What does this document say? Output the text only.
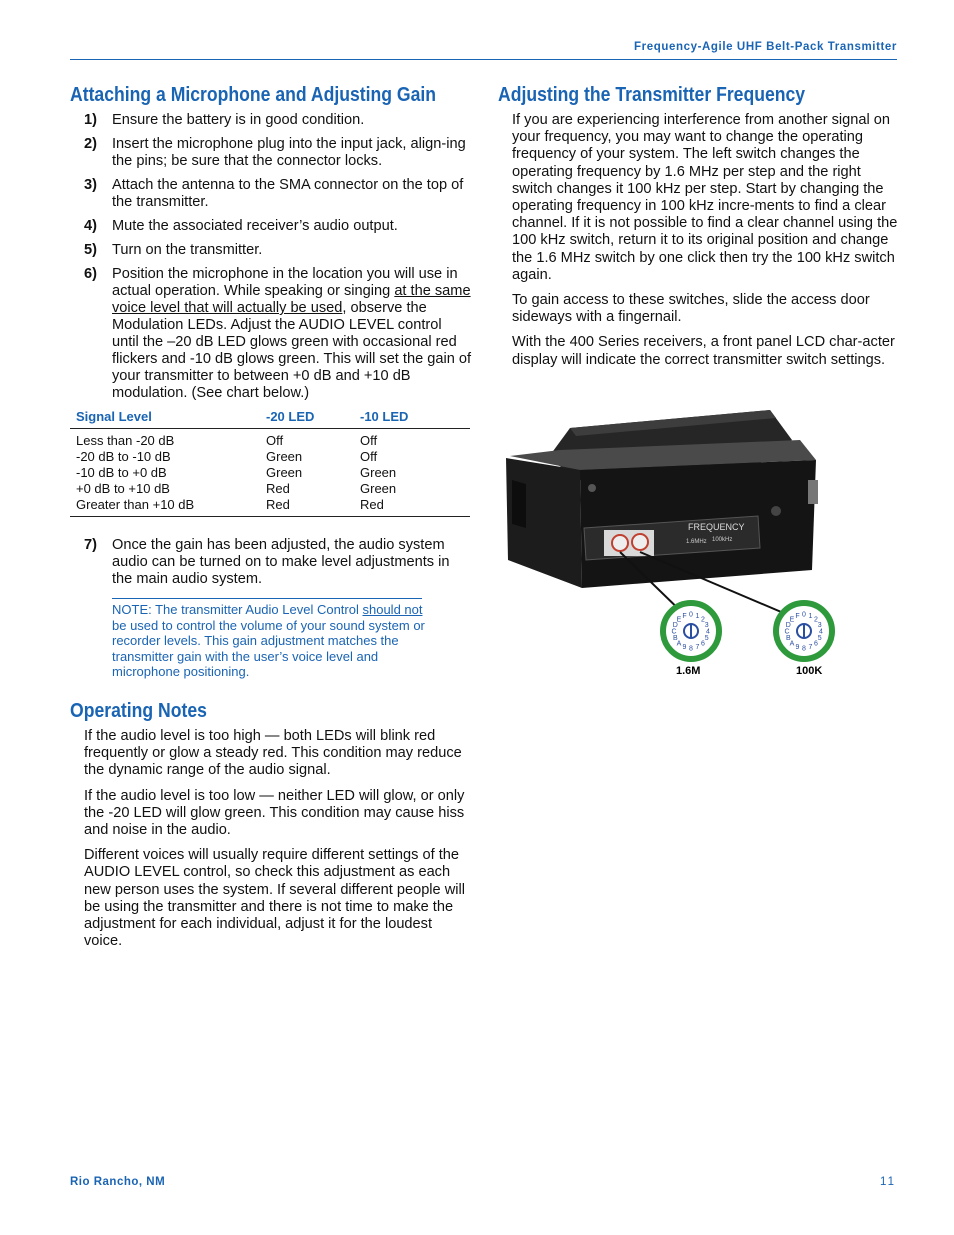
Frequency-Agile UHF Belt-Pack Transmitter
Attaching a Microphone and Adjusting Gain
1)	Ensure the battery is in good condition.
2)	Insert the microphone plug into the input jack, align-ing the pins; be sure that the connector locks.
3)	Attach the antenna to the SMA connector on the top of the transmitter.
4)	Mute the associated receiver’s audio output.
5)	Turn on the transmitter.
6)	Position the microphone in the location you will use in actual operation. While speaking or singing at the same voice level that will actually be used, observe the Modulation LEDs. Adjust the AUDIO LEVEL control until the –20 dB LED glows green with occasional red flickers and -10 dB glows green. This will set the gain of your transmitter to between +0 dB and +10 dB modulation. (See chart below.)
Signal Level	-20 LED	-10 LED
Less than -20 dB	Off	Off
-20 dB to -10 dB	Green	Off
-10 dB to +0 dB	Green	Green
+0 dB to +10 dB	Red	Green
Greater than +10 dB	Red	Red
7)	Once the gain has been adjusted, the audio system audio can be turned on to make level adjustments in the main audio system.
NOTE: The transmitter Audio Level Control should not be used to control the volume of your sound system or recorder levels. This gain adjustment matches the transmitter gain with the user’s voice level and microphone positioning.
Operating Notes

If the audio level is too high — both LEDs will blink red frequently or glow a steady red. This condition may reduce the dynamic range of the audio signal.

If the audio level is too low — neither LED will glow, or only the -20 LED will glow green. This condition may cause hiss and noise in the audio.

Different voices will usually require different settings of the AUDIO LEVEL control, so check this adjustment as each new person uses the system. If several different people will be using the transmitter and there is not time to make the adjustment for each individual, adjust it for the loudest voice.

Adjusting the Transmitter Frequency

If you are experiencing interference from another signal on your frequency, you may want to change the operating frequency of your system. The left switch changes the operating frequency by 1.6 MHz per step and the right switch changes it 100 kHz per step. Start by changing the operating frequency in 100 kHz incre-ments to find a clear channel. If it is not possible to find a clear channel using the 100 kHz switch, return it to its original position and change the 1.6 MHz switch by one click then try the 100 kHz switch again.

To gain access to these switches, slide the access door sideways with a fingernail.

With the 400 Series receivers, a front panel LCD char-acter display will indicate the correct transmitter switch settings.

FREQUENCY
1.6MHz 100kHz
0 1
2
3
4
5
6
7
8
9
A
B
C
D
E
F	0 1
2
3
4
5
6
7
8
9
A
B
C
D
E
F
1.6M	100K
Rio Rancho, NM	11
